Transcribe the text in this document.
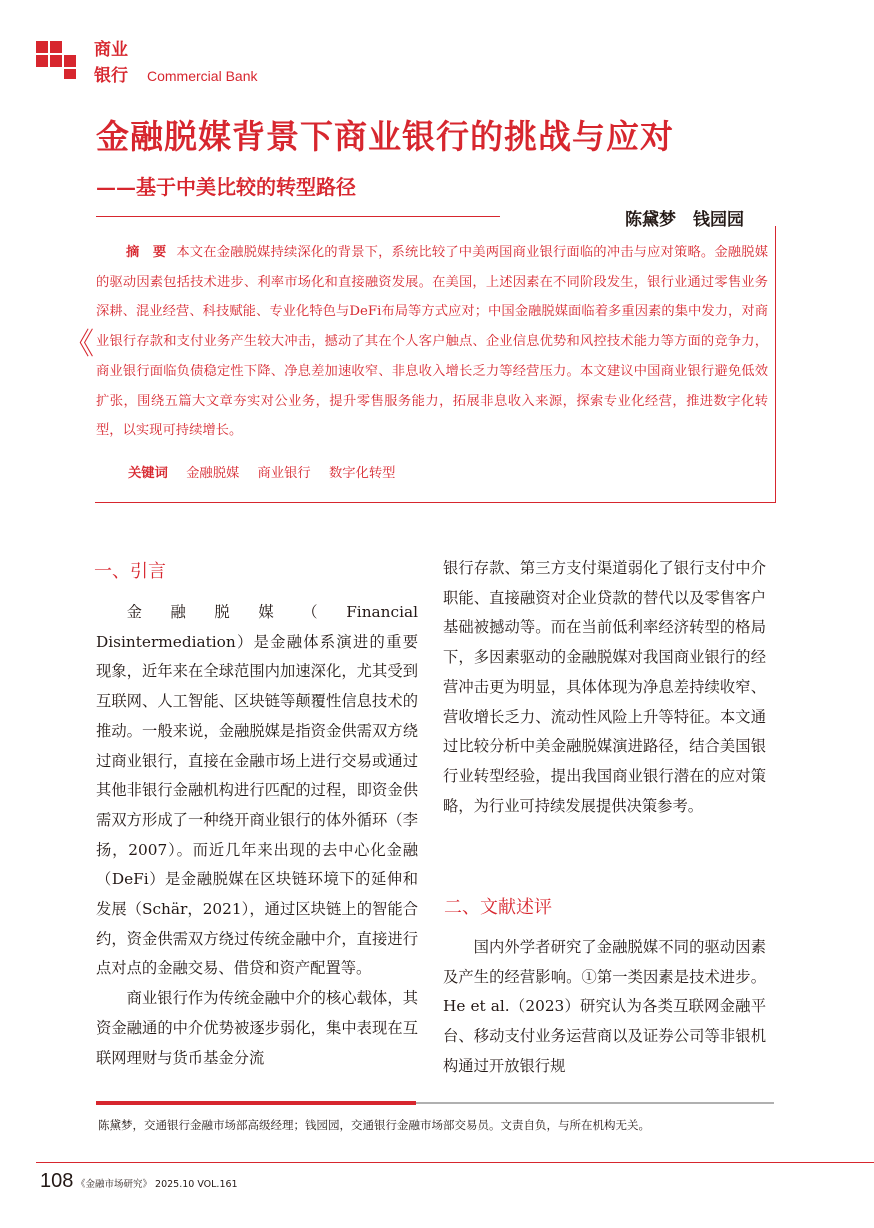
商业
银行 Commercial Bank
金融脱媒背景下商业银行的挑战与应对
——基于中美比较的转型路径
陈黛梦　钱园园
《
摘　要 本文在金融脱媒持续深化的背景下，系统比较了中美两国商业银行面临的冲击与应对策略。金融脱媒的驱动因素包括技术进步、利率市场化和直接融资发展。在美国，上述因素在不同阶段发生，银行业通过零售业务深耕、混业经营、科技赋能、专业化特色与DeFi布局等方式应对；中国金融脱媒面临着多重因素的集中发力，对商业银行存款和支付业务产生较大冲击，撼动了其在个人客户触点、企业信息优势和风控技术能力等方面的竞争力，商业银行面临负债稳定性下降、净息差加速收窄、非息收入增长乏力等经营压力。本文建议中国商业银行避免低效扩张，围绕五篇大文章夯实对公业务，提升零售服务能力，拓展非息收入来源，探索专业化经营，推进数字化转型，以实现可持续增长。
关键词 金融脱媒 商业银行 数字化转型
一、引言

金融脱媒（Financial Disintermediation）是金融体系演进的重要现象，近年来在全球范围内加速深化，尤其受到互联网、人工智能、区块链等颠覆性信息技术的推动。一般来说，金融脱媒是指资金供需双方绕过商业银行，直接在金融市场上进行交易或通过其他非银行金融机构进行匹配的过程，即资金供需双方形成了一种绕开商业银行的体外循环（李扬，2007）。而近几年来出现的去中心化金融（DeFi）是金融脱媒在区块链环境下的延伸和发展（Schär，2021），通过区块链上的智能合约，资金供需双方绕过传统金融中介，直接进行点对点的金融交易、借贷和资产配置等。

商业银行作为传统金融中介的核心载体，其资金融通的中介优势被逐步弱化，集中表现在互联网理财与货币基金分流

银行存款、第三方支付渠道弱化了银行支付中介职能、直接融资对企业贷款的替代以及零售客户基础被撼动等。而在当前低利率经济转型的格局下，多因素驱动的金融脱媒对我国商业银行的经营冲击更为明显，具体体现为净息差持续收窄、营收增长乏力、流动性风险上升等特征。本文通过比较分析中美金融脱媒演进路径，结合美国银行业转型经验，提出我国商业银行潜在的应对策略，为行业可持续发展提供决策参考。
二、文献述评

国内外学者研究了金融脱媒不同的驱动因素及产生的经营影响。①第一类因素是技术进步。He et al.（2023）研究认为各类互联网金融平台、移动支付业务运营商以及证券公司等非银机构通过开放银行规

陈黛梦，交通银行金融市场部高级经理；钱园园，交通银行金融市场部交易员。文责自负，与所在机构无关。
108 《金融市场研究》 2025.10 VOL.161
